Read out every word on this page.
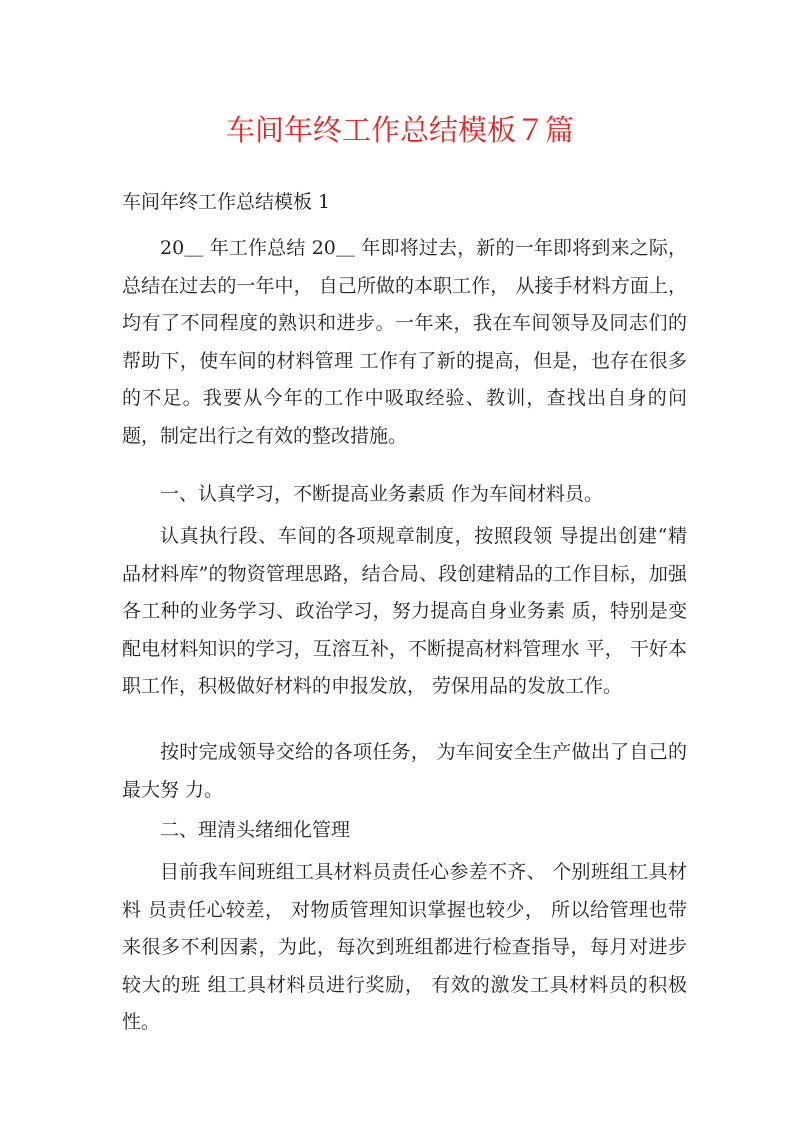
车间年终工作总结模板７篇
车间年终工作总结模板 1
20＿ 年工作总结 20＿ 年即将过去，新的一年即将到来之际，总结在过去的一年中， 自己所做的本职工作， 从接手材料方面上，均有了不同程度的熟识和进步。一年来，我在车间领导及同志们的帮助下，使车间的材料管理 工作有了新的提高，但是，也存在很多的不足。我要从今年的工作中吸取经验、教训，查找出自身的问题，制定出行之有效的整改措施。
一、认真学习，不断提高业务素质 作为车间材料员。
认真执行段、车间的各项规章制度，按照段领 导提出创建“精品材料库”的物资管理思路，结合局、段创建精品的工作目标，加强各工种的业务学习、政治学习，努力提高自身业务素 质，特别是变配电材料知识的学习，互溶互补，不断提高材料管理水 平， 干好本职工作，积极做好材料的申报发放， 劳保用品的发放工作。
按时完成领导交给的各项任务， 为车间安全生产做出了自己的最大努 力。
二、理清头绪细化管理
目前我车间班组工具材料员责任心参差不齐、 个别班组工具材料 员责任心较差， 对物质管理知识掌握也较少， 所以给管理也带来很多不利因素，为此，每次到班组都进行检查指导，每月对进步较大的班 组工具材料员进行奖励， 有效的激发工具材料员的积极性。
